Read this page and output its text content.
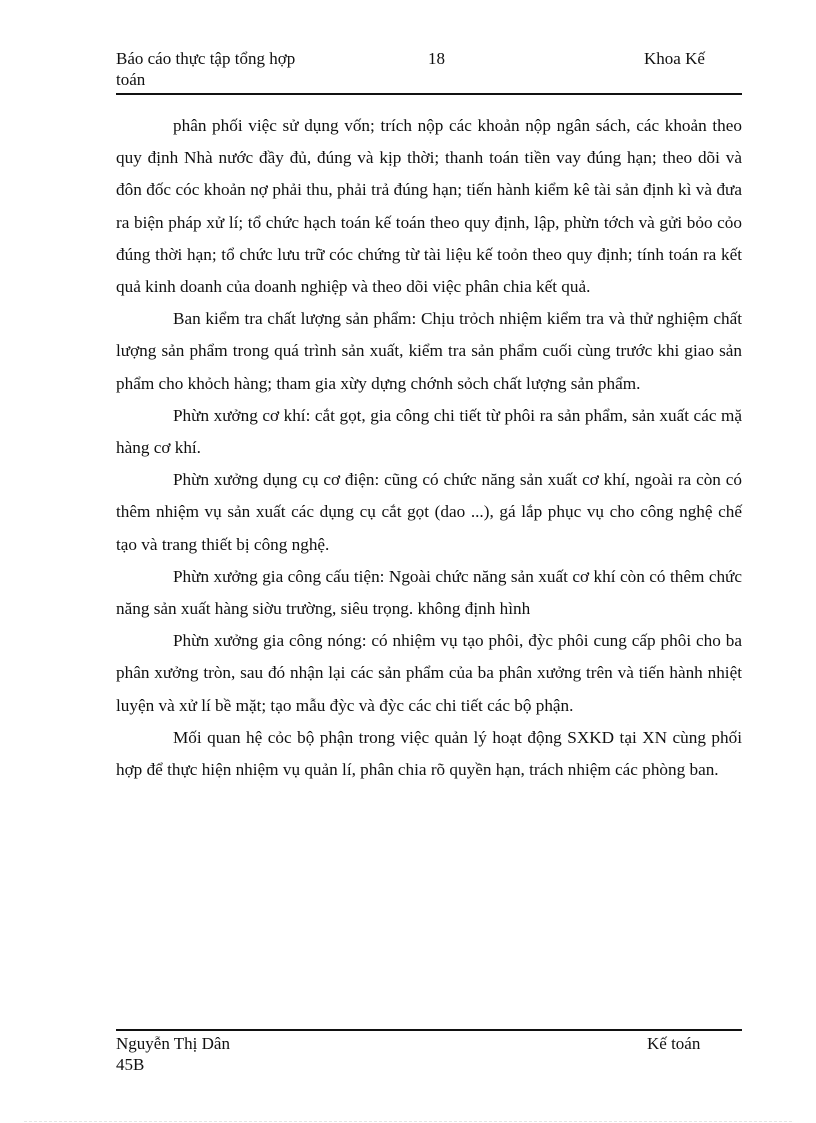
Báo cáo thực tập tổng hợp
toán
18	Khoa Kế

phân phối việc sử dụng vốn; trích nộp các khoản nộp ngân sách, các khoản theo quy định Nhà nước đầy đủ, đúng và kịp thời; thanh toán tiền vay đúng hạn; theo dõi và đôn đốc cóc khoản nợ phải thu, phải trả đúng hạn; tiến hành kiểm kê tài sản định kì và đưa ra biện pháp xử lí; tổ chức hạch toán kế toán theo quy định, lập, phừn tớch và gửi bỏo cỏo đúng thời hạn; tổ chức lưu trữ cóc chứng từ tài liệu kế toỏn theo quy định; tính toán ra kết quả kinh doanh của doanh nghiệp và theo dõi việc phân chia kết quả.

Ban kiểm tra chất lượng sản phẩm: Chịu trỏch nhiệm kiểm tra và thử nghiệm chất lượng sản phẩm trong quá trình sản xuất, kiểm tra sản phẩm cuối cùng trước khi giao sản phẩm cho khỏch hàng; tham gia xừy dựng chớnh sỏch chất lượng sản phẩm.

Phừn xưởng cơ khí: cắt gọt, gia công chi tiết từ phôi ra sản phẩm, sản xuất các mặ hàng cơ khí.

Phừn xưởng dụng cụ cơ điện: cũng có chức năng sản xuất cơ khí, ngoài ra còn có thêm nhiệm vụ sản xuất các dụng cụ cắt gọt (dao ...), gá lắp phục vụ cho công nghệ chế tạo và trang thiết bị công nghệ.

Phừn xưởng gia công cấu tiện: Ngoài chức năng sản xuất cơ khí còn có thêm chức năng sản xuất hàng siờu trường, siêu trọng. không định hình

Phừn xưởng gia công nóng: có nhiệm vụ tạo phôi, đỳc phôi cung cấp phôi cho ba phân xưởng tròn, sau đó nhận lại các sản phẩm của ba phân xưởng trên và tiến hành nhiệt luyện và xử lí bề mặt; tạo mẫu đỳc và đỳc các chi tiết các bộ phận.

Mối quan hệ cỏc bộ phận trong việc quản lý hoạt động SXKD tại XN cùng phối hợp để thực hiện nhiệm vụ quản lí, phân chia rõ quyền hạn, trách nhiệm các phòng ban.

Nguyễn Thị Dân
45B
Kế toán
